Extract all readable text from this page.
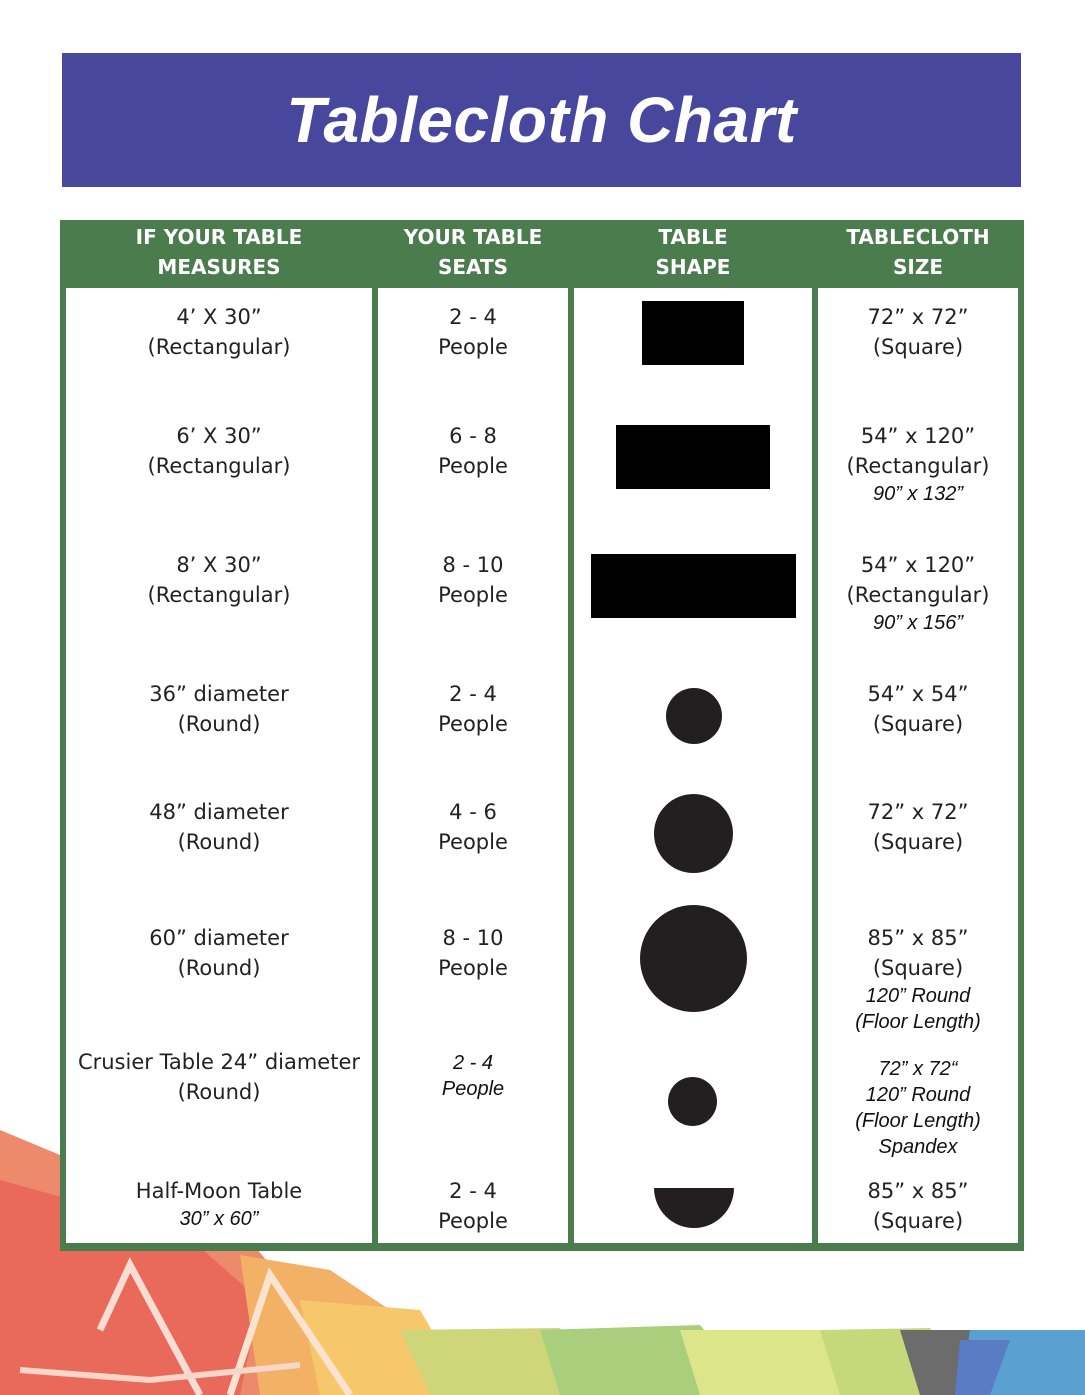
Tablecloth Chart
IF YOUR TABLE
MEASURES
YOUR TABLE
SEATS
TABLE
SHAPE
TABLECLOTH
SIZE
4’ X 30”
(Rectangular)
6’ X 30”
(Rectangular)
8’ X 30”
(Rectangular)
36” diameter
(Round)
48” diameter
(Round)
60” diameter
(Round)
Crusier Table 24” diameter
(Round)
Half-Moon Table
30” x 60”
2 - 4
People
6 - 8
People
8 - 10
People
2 - 4
People
4 - 6
People
8 - 10
People
2 - 4
People
2 - 4
People
72” x 72”
(Square)
54” x 120”
(Rectangular)
90” x 132”
54” x 120”
(Rectangular)
90” x 156”
54” x 54”
(Square)
72” x 72”
(Square)
85” x 85”
(Square)
120” Round
(Floor Length)
72” x 72“
120” Round
(Floor Length)
Spandex
85” x 85”
(Square)
